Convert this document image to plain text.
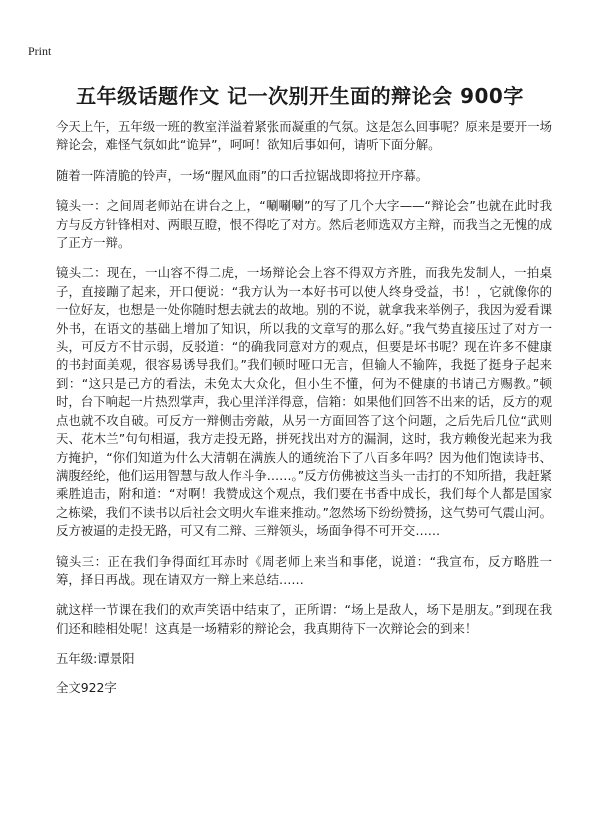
Print
五年级话题作文 记一次别开生面的辩论会 900字

今天上午，五年级一班的教室洋溢着紧张而凝重的气氛。这是怎么回事呢？原来是要开一场辩论会，难怪气氛如此“诡异”，呵呵！欲知后事如何，请听下面分解。

随着一阵清脆的铃声，一场“腥风血雨”的口舌拉锯战即将拉开序幕。

镜头一：之间周老师站在讲台之上，“唰唰唰”的写了几个大字——“辩论会”也就在此时我方与反方针锋相对、两眼互瞪，恨不得吃了对方。然后老师选双方主辩，而我当之无愧的成了正方一辩。

镜头二：现在，一山容不得二虎，一场辩论会上容不得双方齐胜，而我先发制人，一拍桌子，直接蹦了起来，开口便说：“我方认为一本好书可以使人终身受益，书！，它就像你的一位好友，也想是一处你随时想去就去的故地。别的不说，就拿我来举例子，我因为爱看课外书，在语文的基础上增加了知识，所以我的文章写的那么好。”我气势直接压过了对方一头，可反方不甘示弱，反驳道：“的确我同意对方的观点，但要是坏书呢？现在许多不健康的书封面美观，很容易诱导我们。”我们顿时哑口无言，但输人不输阵，我挺了挺身子起来到：“这只是己方的看法，未免太大众化，但小生不懂，何为不健康的书请己方赐教。”顿时，台下响起一片热烈掌声，我心里洋洋得意，信箱：如果他们回答不出来的话，反方的观点也就不攻自破。可反方一辩侧击旁敲，从另一方面回答了这个问题，之后先后几位“武则天、花木兰”句句相逼，我方走投无路，拼死找出对方的漏洞，这时，我方赖俊光起来为我方掩护，“你们知道为什么大清朝在满族人的通统治下了八百多年吗？因为他们饱读诗书、满腹经纶，他们运用智慧与敌人作斗争……。”反方仿佛被这当头一击打的不知所措，我赶紧乘胜追击，附和道：“对啊！我赞成这个观点，我们要在书香中成长，我们每个人都是国家之栋梁，我们不读书以后社会文明火车谁来推动。”忽然场下纷纷赞扬，这气势可气震山河。反方被逼的走投无路，可又有二辩、三辩领头，场面争得不可开交……

镜头三：正在我们争得面红耳赤时《周老师上来当和事佬，说道：“我宣布，反方略胜一筹，择日再战。现在请双方一辩上来总结……

就这样一节课在我们的欢声笑语中结束了，正所谓：“场上是敌人，场下是朋友。”到现在我们还和睦相处呢！这真是一场精彩的辩论会，我真期待下一次辩论会的到来！

五年级:谭景阳

全文922字
